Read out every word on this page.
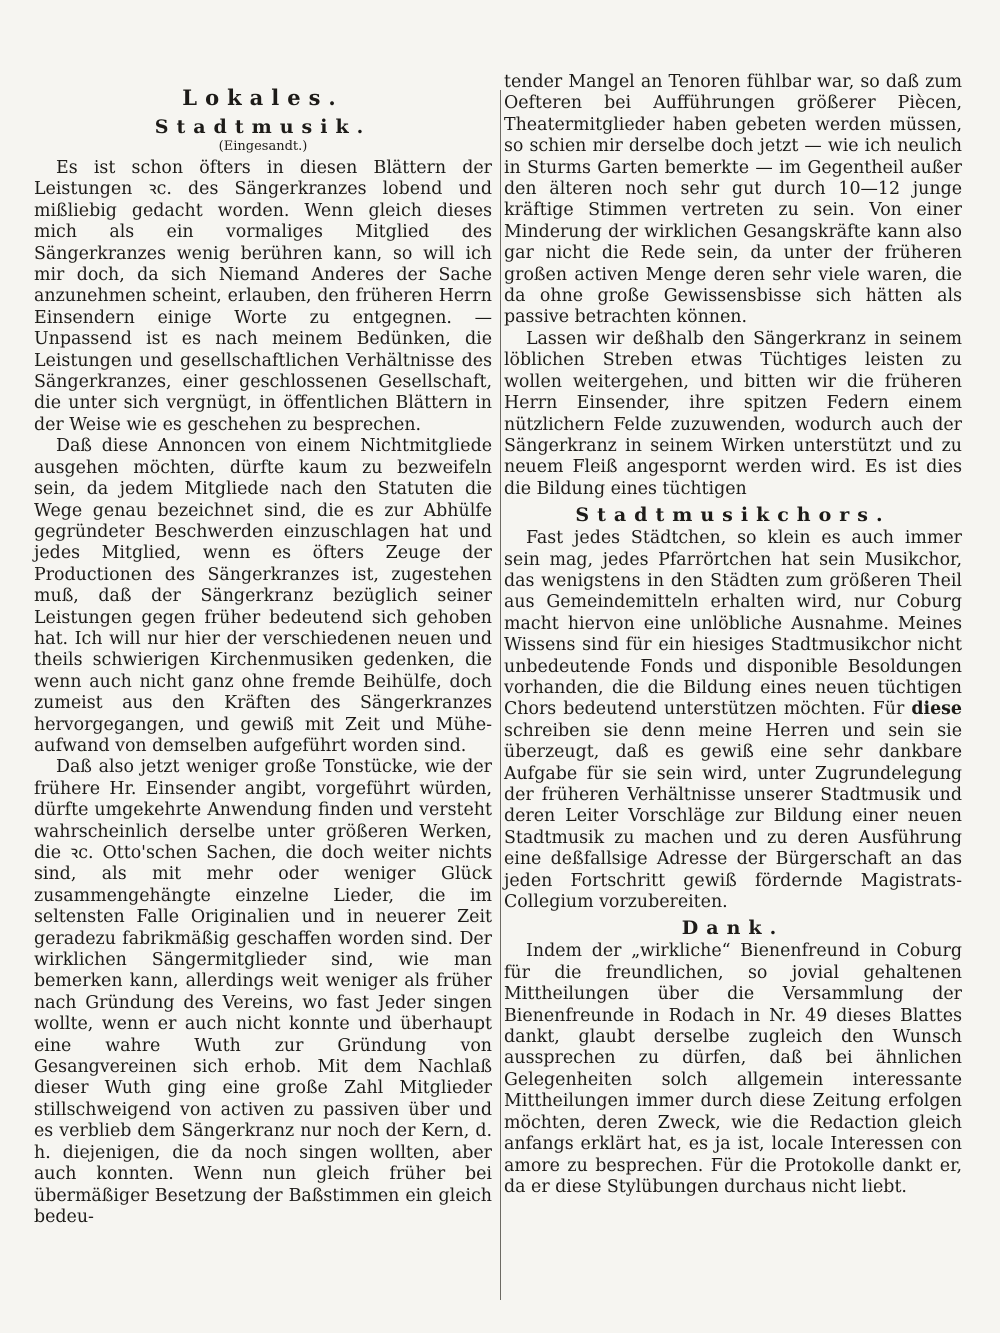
Lokales.
Stadtmusik.
(Eingesandt.)

Es ist schon öfters in diesen Blättern der Leistungen ꝛc. des Sängerkranzes lobend und mißliebig gedacht worden. Wenn gleich dieses mich als ein vormaliges Mitglied des Sängerkranzes wenig berühren kann, so will ich mir doch, da sich Niemand Anderes der Sache anzunehmen scheint, erlauben, den früheren Herrn Einsendern einige Worte zu entgegnen. — Unpassend ist es nach meinem Bedünken, die Leistungen und gesellschaftlichen Verhältnisse des Sängerkranzes, einer geschlossenen Gesellschaft, die unter sich vergnügt, in öffentlichen Blättern in der Weise wie es geschehen zu besprechen.

Daß diese Annoncen von einem Nichtmitgliede ausgehen möchten, dürfte kaum zu bezweifeln sein, da jedem Mitgliede nach den Statuten die Wege genau bezeichnet sind, die es zur Abhülfe gegründeter Beschwerden einzuschlagen hat und jedes Mitglied, wenn es öfters Zeuge der Productionen des Sängerkranzes ist, zugestehen muß, daß der Sängerkranz bezüglich seiner Leistungen gegen früher bedeutend sich gehoben hat. Ich will nur hier der verschiedenen neuen und theils schwierigen Kirchenmusiken gedenken, die wenn auch nicht ganz ohne fremde Beihülfe, doch zumeist aus den Kräften des Sängerkranzes hervorgegangen, und gewiß mit Zeit und Mühe-aufwand von demselben aufgeführt worden sind.

Daß also jetzt weniger große Tonstücke, wie der frühere Hr. Einsender angibt, vorgeführt würden, dürfte umgekehrte Anwendung finden und versteht wahrscheinlich derselbe unter größeren Werken, die ꝛc. Otto'schen Sachen, die doch weiter nichts sind, als mit mehr oder weniger Glück zusammengehängte einzelne Lieder, die im seltensten Falle Originalien und in neuerer Zeit geradezu fabrikmäßig geschaffen worden sind. Der wirklichen Sängermitglieder sind, wie man bemerken kann, allerdings weit weniger als früher nach Gründung des Vereins, wo fast Jeder singen wollte, wenn er auch nicht konnte und überhaupt eine wahre Wuth zur Gründung von Gesangvereinen sich erhob. Mit dem Nachlaß dieser Wuth ging eine große Zahl Mitglieder stillschweigend von activen zu passiven über und es verblieb dem Sängerkranz nur noch der Kern, d. h. diejenigen, die da noch singen wollten, aber auch konnten. Wenn nun gleich früher bei übermäßiger Besetzung der Baßstimmen ein gleich bedeu-

tender Mangel an Tenoren fühlbar war, so daß zum Oefteren bei Aufführungen größerer Piècen, Theatermitglieder haben gebeten werden müssen, so schien mir derselbe doch jetzt — wie ich neulich in Sturms Garten bemerkte — im Gegentheil außer den älteren noch sehr gut durch 10—12 junge kräftige Stimmen vertreten zu sein. Von einer Minderung der wirklichen Gesangskräfte kann also gar nicht die Rede sein, da unter der früheren großen activen Menge deren sehr viele waren, die da ohne große Gewissensbisse sich hätten als passive betrachten können.

Lassen wir deßhalb den Sängerkranz in seinem löblichen Streben etwas Tüchtiges leisten zu wollen weitergehen, und bitten wir die früheren Herrn Einsender, ihre spitzen Federn einem nützlichern Felde zuzuwenden, wodurch auch der Sängerkranz in seinem Wirken unterstützt und zu neuem Fleiß angespornt werden wird. Es ist dies die Bildung eines tüchtigen

Stadtmusikchors.

Fast jedes Städtchen, so klein es auch immer sein mag, jedes Pfarrörtchen hat sein Musikchor, das wenigstens in den Städten zum größeren Theil aus Gemeindemitteln erhalten wird, nur Coburg macht hiervon eine unlöbliche Ausnahme. Meines Wissens sind für ein hiesiges Stadtmusikchor nicht unbedeutende Fonds und disponible Besoldungen vorhanden, die die Bildung eines neuen tüchtigen Chors bedeutend unterstützen möchten. Für diese schreiben sie denn meine Herren und sein sie überzeugt, daß es gewiß eine sehr dankbare Aufgabe für sie sein wird, unter Zugrundelegung der früheren Verhältnisse unserer Stadtmusik und deren Leiter Vorschläge zur Bildung einer neuen Stadtmusik zu machen und zu deren Ausführung eine deßfallsige Adresse der Bürgerschaft an das jeden Fortschritt gewiß fördernde Magistrats-Collegium vorzubereiten.

Dank.

Indem der „wirkliche“ Bienenfreund in Coburg für die freundlichen, so jovial gehaltenen Mittheilungen über die Versammlung der Bienenfreunde in Rodach in Nr. 49 dieses Blattes dankt, glaubt derselbe zugleich den Wunsch aussprechen zu dürfen, daß bei ähnlichen Gelegenheiten solch allgemein interessante Mittheilungen immer durch diese Zeitung erfolgen möchten, deren Zweck, wie die Redaction gleich anfangs erklärt hat, es ja ist, locale Interessen con amore zu besprechen. Für die Protokolle dankt er, da er diese Stylübungen durchaus nicht liebt.
